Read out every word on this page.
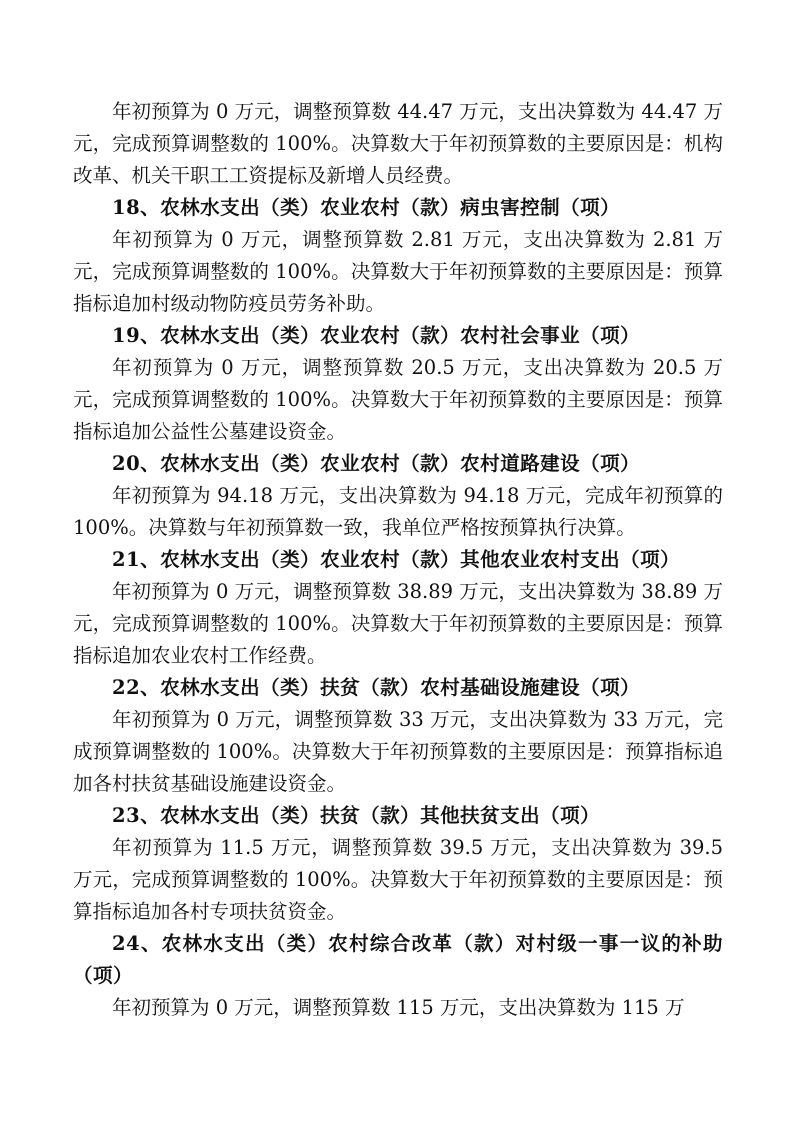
年初预算为 0 万元，调整预算数 44.47 万元，支出决算数为 44.47 万元，完成预算调整数的 100%。决算数大于年初预算数的主要原因是：机构改革、机关干职工工资提标及新增人员经费。

18、农林水支出（类）农业农村（款）病虫害控制（项）

年初预算为 0 万元，调整预算数 2.81 万元，支出决算数为 2.81 万元，完成预算调整数的 100%。决算数大于年初预算数的主要原因是：预算指标追加村级动物防疫员劳务补助。

19、农林水支出（类）农业农村（款）农村社会事业（项）

年初预算为 0 万元，调整预算数 20.5 万元，支出决算数为 20.5 万元，完成预算调整数的 100%。决算数大于年初预算数的主要原因是：预算指标追加公益性公墓建设资金。

20、农林水支出（类）农业农村（款）农村道路建设（项）

年初预算为 94.18 万元，支出决算数为 94.18 万元，完成年初预算的 100%。决算数与年初预算数一致，我单位严格按预算执行决算。

21、农林水支出（类）农业农村（款）其他农业农村支出（项）

年初预算为 0 万元，调整预算数 38.89 万元，支出决算数为 38.89 万元，完成预算调整数的 100%。决算数大于年初预算数的主要原因是：预算指标追加农业农村工作经费。

22、农林水支出（类）扶贫（款）农村基础设施建设（项）

年初预算为 0 万元，调整预算数 33 万元，支出决算数为 33 万元，完成预算调整数的 100%。决算数大于年初预算数的主要原因是：预算指标追加各村扶贫基础设施建设资金。

23、农林水支出（类）扶贫（款）其他扶贫支出（项）

年初预算为 11.5 万元，调整预算数 39.5 万元，支出决算数为 39.5 万元，完成预算调整数的 100%。决算数大于年初预算数的主要原因是：预算指标追加各村专项扶贫资金。

24、农林水支出（类）农村综合改革（款）对村级一事一议的补助（项）

年初预算为 0 万元，调整预算数 115 万元，支出决算数为 115 万
